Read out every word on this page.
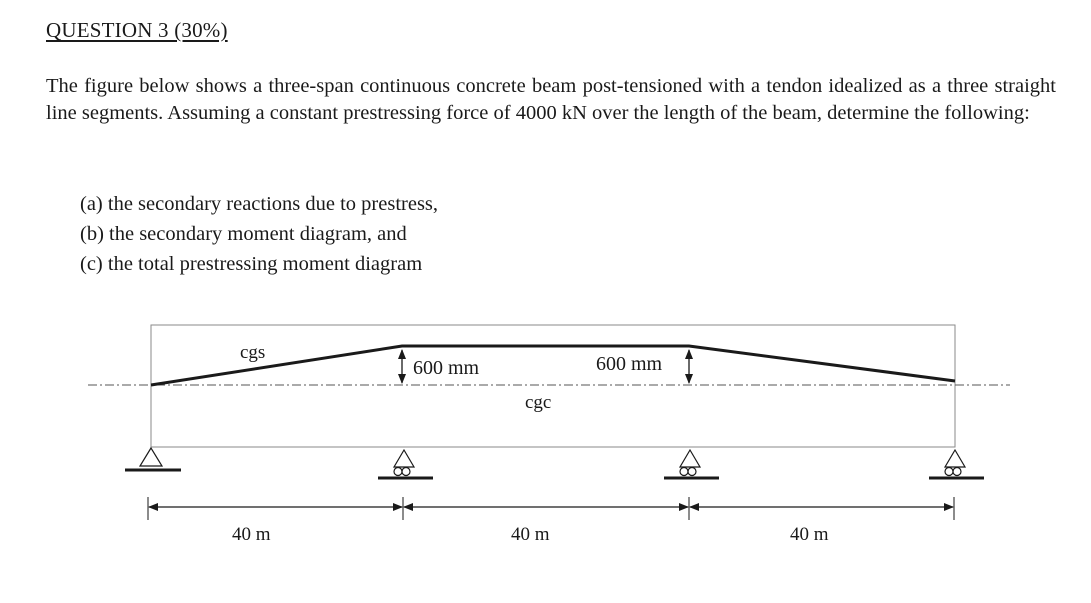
QUESTION 3 (30%)

The figure below shows a three-span continuous concrete beam post-tensioned with a tendon idealized as a three straight line segments. Assuming a constant prestressing force of 4000 kN over the length of the beam, determine the following:

(a) the secondary reactions due to prestress,
(b) the secondary moment diagram, and
(c) the total prestressing moment diagram
cgs
cgc
600 mm	600 mm
40 m	40 m	40 m
